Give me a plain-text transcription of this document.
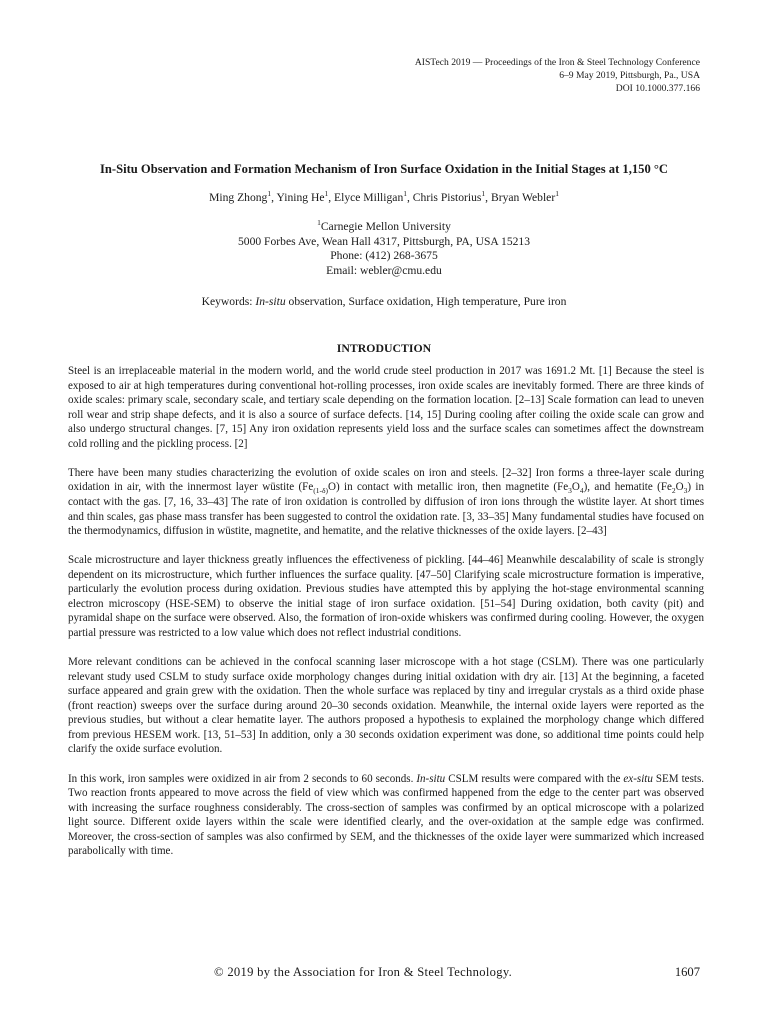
AISTech 2019 — Proceedings of the Iron & Steel Technology Conference
6–9 May 2019, Pittsburgh, Pa., USA
DOI 10.1000.377.166
In-Situ Observation and Formation Mechanism of Iron Surface Oxidation in the Initial Stages at 1,150 °C
Ming Zhong$^1$, Yining He$^1$, Elyce Milligan$^1$, Chris Pistorius$^1$, Bryan Webler$^1$
$^1$Carnegie Mellon University
5000 Forbes Ave, Wean Hall 4317, Pittsburgh, PA, USA 15213
Phone: (412) 268-3675
Email: webler@cmu.edu
Keywords: In-situ observation, Surface oxidation, High temperature, Pure iron
INTRODUCTION

Steel is an irreplaceable material in the modern world, and the world crude steel production in 2017 was 1691.2 Mt. [1] Because the steel is exposed to air at high temperatures during conventional hot-rolling processes, iron oxide scales are inevitably formed. There are three kinds of oxide scales: primary scale, secondary scale, and tertiary scale depending on the formation location. [2–13] Scale formation can lead to uneven roll wear and strip shape defects, and it is also a source of surface defects. [14, 15] During cooling after coiling the oxide scale can grow and also undergo structural changes. [7, 15] Any iron oxidation represents yield loss and the surface scales can sometimes affect the downstream cold rolling and the pickling process. [2]

There have been many studies characterizing the evolution of oxide scales on iron and steels. [2–32] Iron forms a three-layer scale during oxidation in air, with the innermost layer wüstite $(Fe_{(1-\delta)}O)$ in contact with metallic iron, then magnetite $(Fe_3O_4)$, and hematite $(Fe_2O_3)$ in contact with the gas. [7, 16, 33–43] The rate of iron oxidation is controlled by diffusion of iron ions through the wüstite layer. At short times and thin scales, gas phase mass transfer has been suggested to control the oxidation rate. [3, 33–35] Many fundamental studies have focused on the thermodynamics, diffusion in wüstite, magnetite, and hematite, and the relative thicknesses of the oxide layers. [2–43]

Scale microstructure and layer thickness greatly influences the effectiveness of pickling. [44–46] Meanwhile descalability of scale is strongly dependent on its microstructure, which further influences the surface quality. [47–50] Clarifying scale microstructure formation is imperative, particularly the evolution process during oxidation. Previous studies have attempted this by applying the hot-stage environmental scanning electron microscopy (HSE-SEM) to observe the initial stage of iron surface oxidation. [51–54] During oxidation, both cavity (pit) and pyramidal shape on the surface were observed. Also, the formation of iron-oxide whiskers was confirmed during cooling. However, the oxygen partial pressure was restricted to a low value which does not reflect industrial conditions.

More relevant conditions can be achieved in the confocal scanning laser microscope with a hot stage (CSLM). There was one particularly relevant study used CSLM to study surface oxide morphology changes during initial oxidation with dry air. [13] At the beginning, a faceted surface appeared and grain grew with the oxidation. Then the whole surface was replaced by tiny and irregular crystals as a third oxide phase (front reaction) sweeps over the surface during around 20–30 seconds oxidation. Meanwhile, the internal oxide layers were reported as the previous studies, but without a clear hematite layer. The authors proposed a hypothesis to explained the morphology change which differed from previous HESEM work. [13, 51–53] In addition, only a 30 seconds oxidation experiment was done, so additional time points could help clarify the oxide surface evolution.

In this work, iron samples were oxidized in air from 2 seconds to 60 seconds. In-situ CSLM results were compared with the ex-situ SEM tests. Two reaction fronts appeared to move across the field of view which was confirmed happened from the edge to the center part was observed with increasing the surface roughness considerably. The cross-section of samples was confirmed by an optical microscope with a polarized light source. Different oxide layers within the scale were identified clearly, and the over-oxidation at the sample edge was confirmed. Moreover, the cross-section of samples was also confirmed by SEM, and the thicknesses of the oxide layer were summarized which increased parabolically with time.

© 2019 by the Association for Iron & Steel Technology.	1607
